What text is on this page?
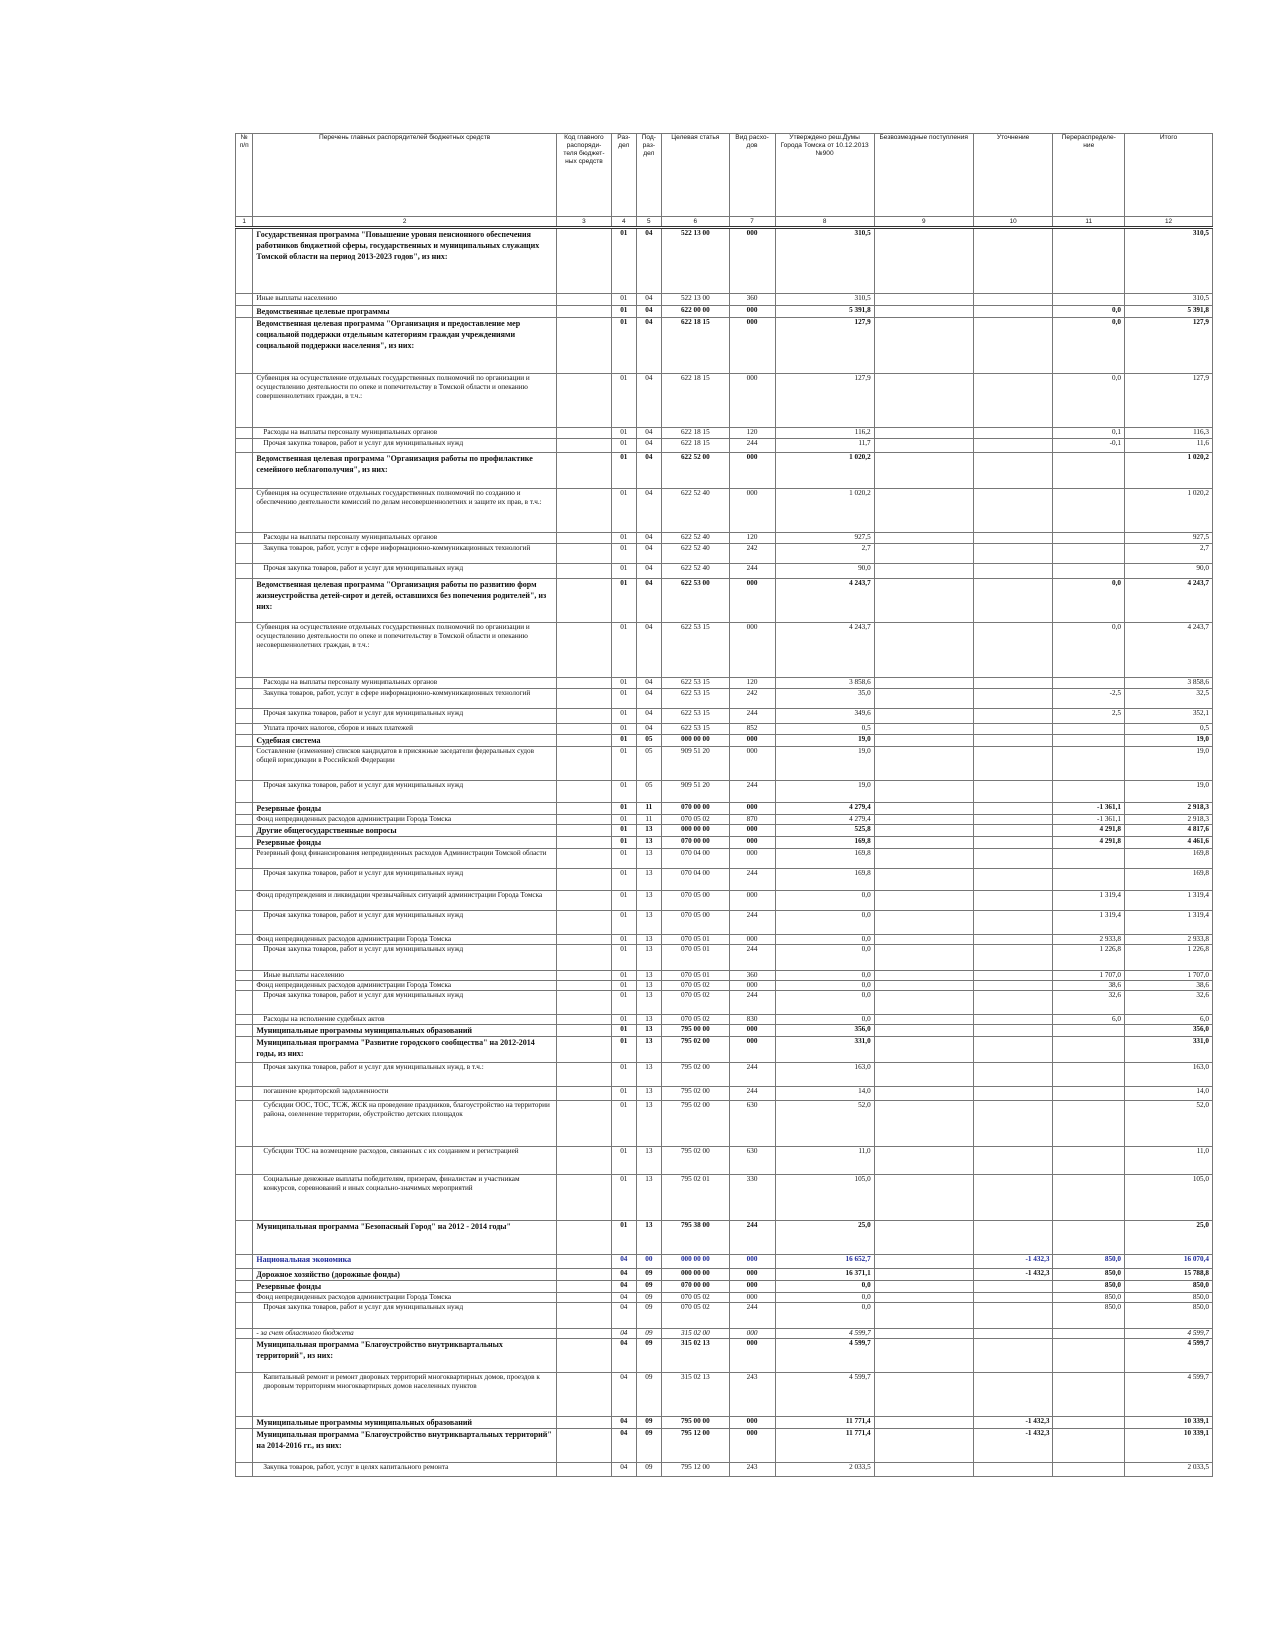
№ п/п	Перечень главных распорядителей бюджетных средств	Код главного распоряди-теля бюджет-ных средств	Раз-дел	Под-раз-дел	Целевая статья	Вид расхо-дов	Утверждено реш.Думы Города Томска от 10.12.2013 №900	Безвозмездные поступления	Уточнение	Перераспределе-ние	Итого
1	2	3	4	5	6	7	8	9	10	11	12
	Государственная программа "Повышение уровня пенсионного обеспечения работников бюджетной сферы, государственных и муниципальных служащих Томской области на период 2013-2023 годов", из них:		01	04	522 13 00	000	310,5				310,5
	Иные выплаты населению		01	04	522 13 00	360	310,5				310,5
	Ведомственные целевые программы		01	04	622 00 00	000	5 391,8			0,0	5 391,8
	Ведомственная целевая программа "Организация и предоставление мер социальной поддержки отдельным категориям граждан учреждениями социальной поддержки населения", из них:		01	04	622 18 15	000	127,9			0,0	127,9
	Субвенция на осуществление отдельных государственных полномочий по организации и осуществлению деятельности по опеке и попечительству в Томской области и опеканию совершеннолетних граждан, в т.ч.:		01	04	622 18 15	000	127,9			0,0	127,9
	Расходы на выплаты персоналу муниципальных органов		01	04	622 18 15	120	116,2			0,1	116,3
	Прочая закупка товаров, работ и услуг для муниципальных нужд		01	04	622 18 15	244	11,7			-0,1	11,6
	Ведомственная целевая программа "Организация работы по профилактике семейного неблагополучия", из них:		01	04	622 52 00	000	1 020,2				1 020,2
	Субвенция на осуществление отдельных государственных полномочий по созданию и обеспечению деятельности комиссий по делам несовершеннолетних и защите их прав, в т.ч.:		01	04	622 52 40	000	1 020,2				1 020,2
	Расходы на выплаты персоналу муниципальных органов		01	04	622 52 40	120	927,5				927,5
	Закупка товаров, работ, услуг в сфере информационно-коммуникационных технологий		01	04	622 52 40	242	2,7				2,7
	Прочая закупка товаров, работ и услуг для муниципальных нужд		01	04	622 52 40	244	90,0				90,0
	Ведомственная целевая программа "Организация работы по развитию форм жизнеустройства детей-сирот и детей, оставшихся без попечения родителей", из них:		01	04	622 53 00	000	4 243,7			0,0	4 243,7
	Субвенция на осуществление отдельных государственных полномочий по организации и осуществлению деятельности по опеке и попечительству в Томской области и опеканию несовершеннолетних граждан, в т.ч.:		01	04	622 53 15	000	4 243,7			0,0	4 243,7
	Расходы на выплаты персоналу муниципальных органов		01	04	622 53 15	120	3 858,6				3 858,6
	Закупка товаров, работ, услуг в сфере информационно-коммуникационных технологий		01	04	622 53 15	242	35,0			-2,5	32,5
	Прочая закупка товаров, работ и услуг для муниципальных нужд		01	04	622 53 15	244	349,6			2,5	352,1
	Уплата прочих налогов, сборов и иных платежей		01	04	622 53 15	852	0,5				0,5
	Судебная система		01	05	000 00 00	000	19,0				19,0
	Составление (изменение) списков кандидатов в присяжные заседатели федеральных судов общей юрисдикции в Российской Федерации		01	05	909 51 20	000	19,0				19,0
	Прочая закупка товаров, работ и услуг для муниципальных нужд		01	05	909 51 20	244	19,0				19,0
	Резервные фонды		01	11	070 00 00	000	4 279,4			-1 361,1	2 918,3
	Фонд непредвиденных расходов администрации Города Томска		01	11	070 05 02	870	4 279,4			-1 361,1	2 918,3
	Другие общегосударственные вопросы		01	13	000 00 00	000	525,8			4 291,8	4 817,6
	Резервные фонды		01	13	070 00 00	000	169,8			4 291,8	4 461,6
	Резервный фонд финансирования непредвиденных расходов Администрации Томской области		01	13	070 04 00	000	169,8				169,8
	Прочая закупка товаров, работ и услуг для муниципальных нужд		01	13	070 04 00	244	169,8				169,8
	Фонд предупреждения и ликвидации чрезвычайных ситуаций администрации Города Томска		01	13	070 05 00	000	0,0			1 319,4	1 319,4
	Прочая закупка товаров, работ и услуг для муниципальных нужд		01	13	070 05 00	244	0,0			1 319,4	1 319,4
	Фонд непредвиденных расходов администрации Города Томска		01	13	070 05 01	000	0,0			2 933,8	2 933,8
	Прочая закупка товаров, работ и услуг для муниципальных нужд		01	13	070 05 01	244	0,0			1 226,8	1 226,8
	Иные выплаты населению		01	13	070 05 01	360	0,0			1 707,0	1 707,0
	Фонд непредвиденных расходов администрации Города Томска		01	13	070 05 02	000	0,0			38,6	38,6
	Прочая закупка товаров, работ и услуг для муниципальных нужд		01	13	070 05 02	244	0,0			32,6	32,6
	Расходы на исполнение судебных актов		01	13	070 05 02	830	0,0			6,0	6,0
	Муниципальные программы муниципальных образований		01	13	795 00 00	000	356,0				356,0
	Муниципальная программа "Развитие городского сообщества" на 2012-2014 годы, из них:		01	13	795 02 00	000	331,0				331,0
	Прочая закупка товаров, работ и услуг для муниципальных нужд, в т.ч.:		01	13	795 02 00	244	163,0				163,0
	погашение кредиторской задолженности		01	13	795 02 00	244	14,0				14,0
	Субсидии ООС, ТОС, ТСЖ, ЖСК на проведение праздников, благоустройство на территории района, озеленение территории, обустройство детских площадок		01	13	795 02 00	630	52,0				52,0
	Субсидии ТОС на возмещение расходов, связанных с их созданием и регистрацией		01	13	795 02 00	630	11,0				11,0
	Социальные денежные выплаты победителям, призерам, финалистам и участникам конкурсов, соревнований и иных социально-значимых мероприятий		01	13	795 02 01	330	105,0				105,0
	Муниципальная программа "Безопасный Город" на 2012 - 2014 годы"		01	13	795 38 00	244	25,0				25,0
	Национальная экономика		04	00	000 00 00	000	16 652,7		-1 432,3	850,0	16 070,4
	Дорожное хозяйство (дорожные фонды)		04	09	000 00 00	000	16 371,1		-1 432,3	850,0	15 788,8
	Резервные фонды		04	09	070 00 00	000	0,0			850,0	850,0
	Фонд непредвиденных расходов администрации Города Томска		04	09	070 05 02	000	0,0			850,0	850,0
	Прочая закупка товаров, работ и услуг для муниципальных нужд		04	09	070 05 02	244	0,0			850,0	850,0
	- за счет областного бюджета		04	09	315 02 00	000	4 599,7				4 599,7
	Муниципальная программа "Благоустройство внутриквартальных территорий", из них:		04	09	315 02 13	000	4 599,7				4 599,7
	Капитальный ремонт и ремонт дворовых территорий многоквартирных домов, проездов к дворовым территориям многоквартирных домов населенных пунктов		04	09	315 02 13	243	4 599,7				4 599,7
	Муниципальные программы муниципальных образований		04	09	795 00 00	000	11 771,4		-1 432,3		10 339,1
	Муниципальная программа "Благоустройство внутриквартальных территорий" на 2014-2016 гг., из них:		04	09	795 12 00	000	11 771,4		-1 432,3		10 339,1
	Закупка товаров, работ, услуг в целях капитального ремонта		04	09	795 12 00	243	2 033,5				2 033,5
